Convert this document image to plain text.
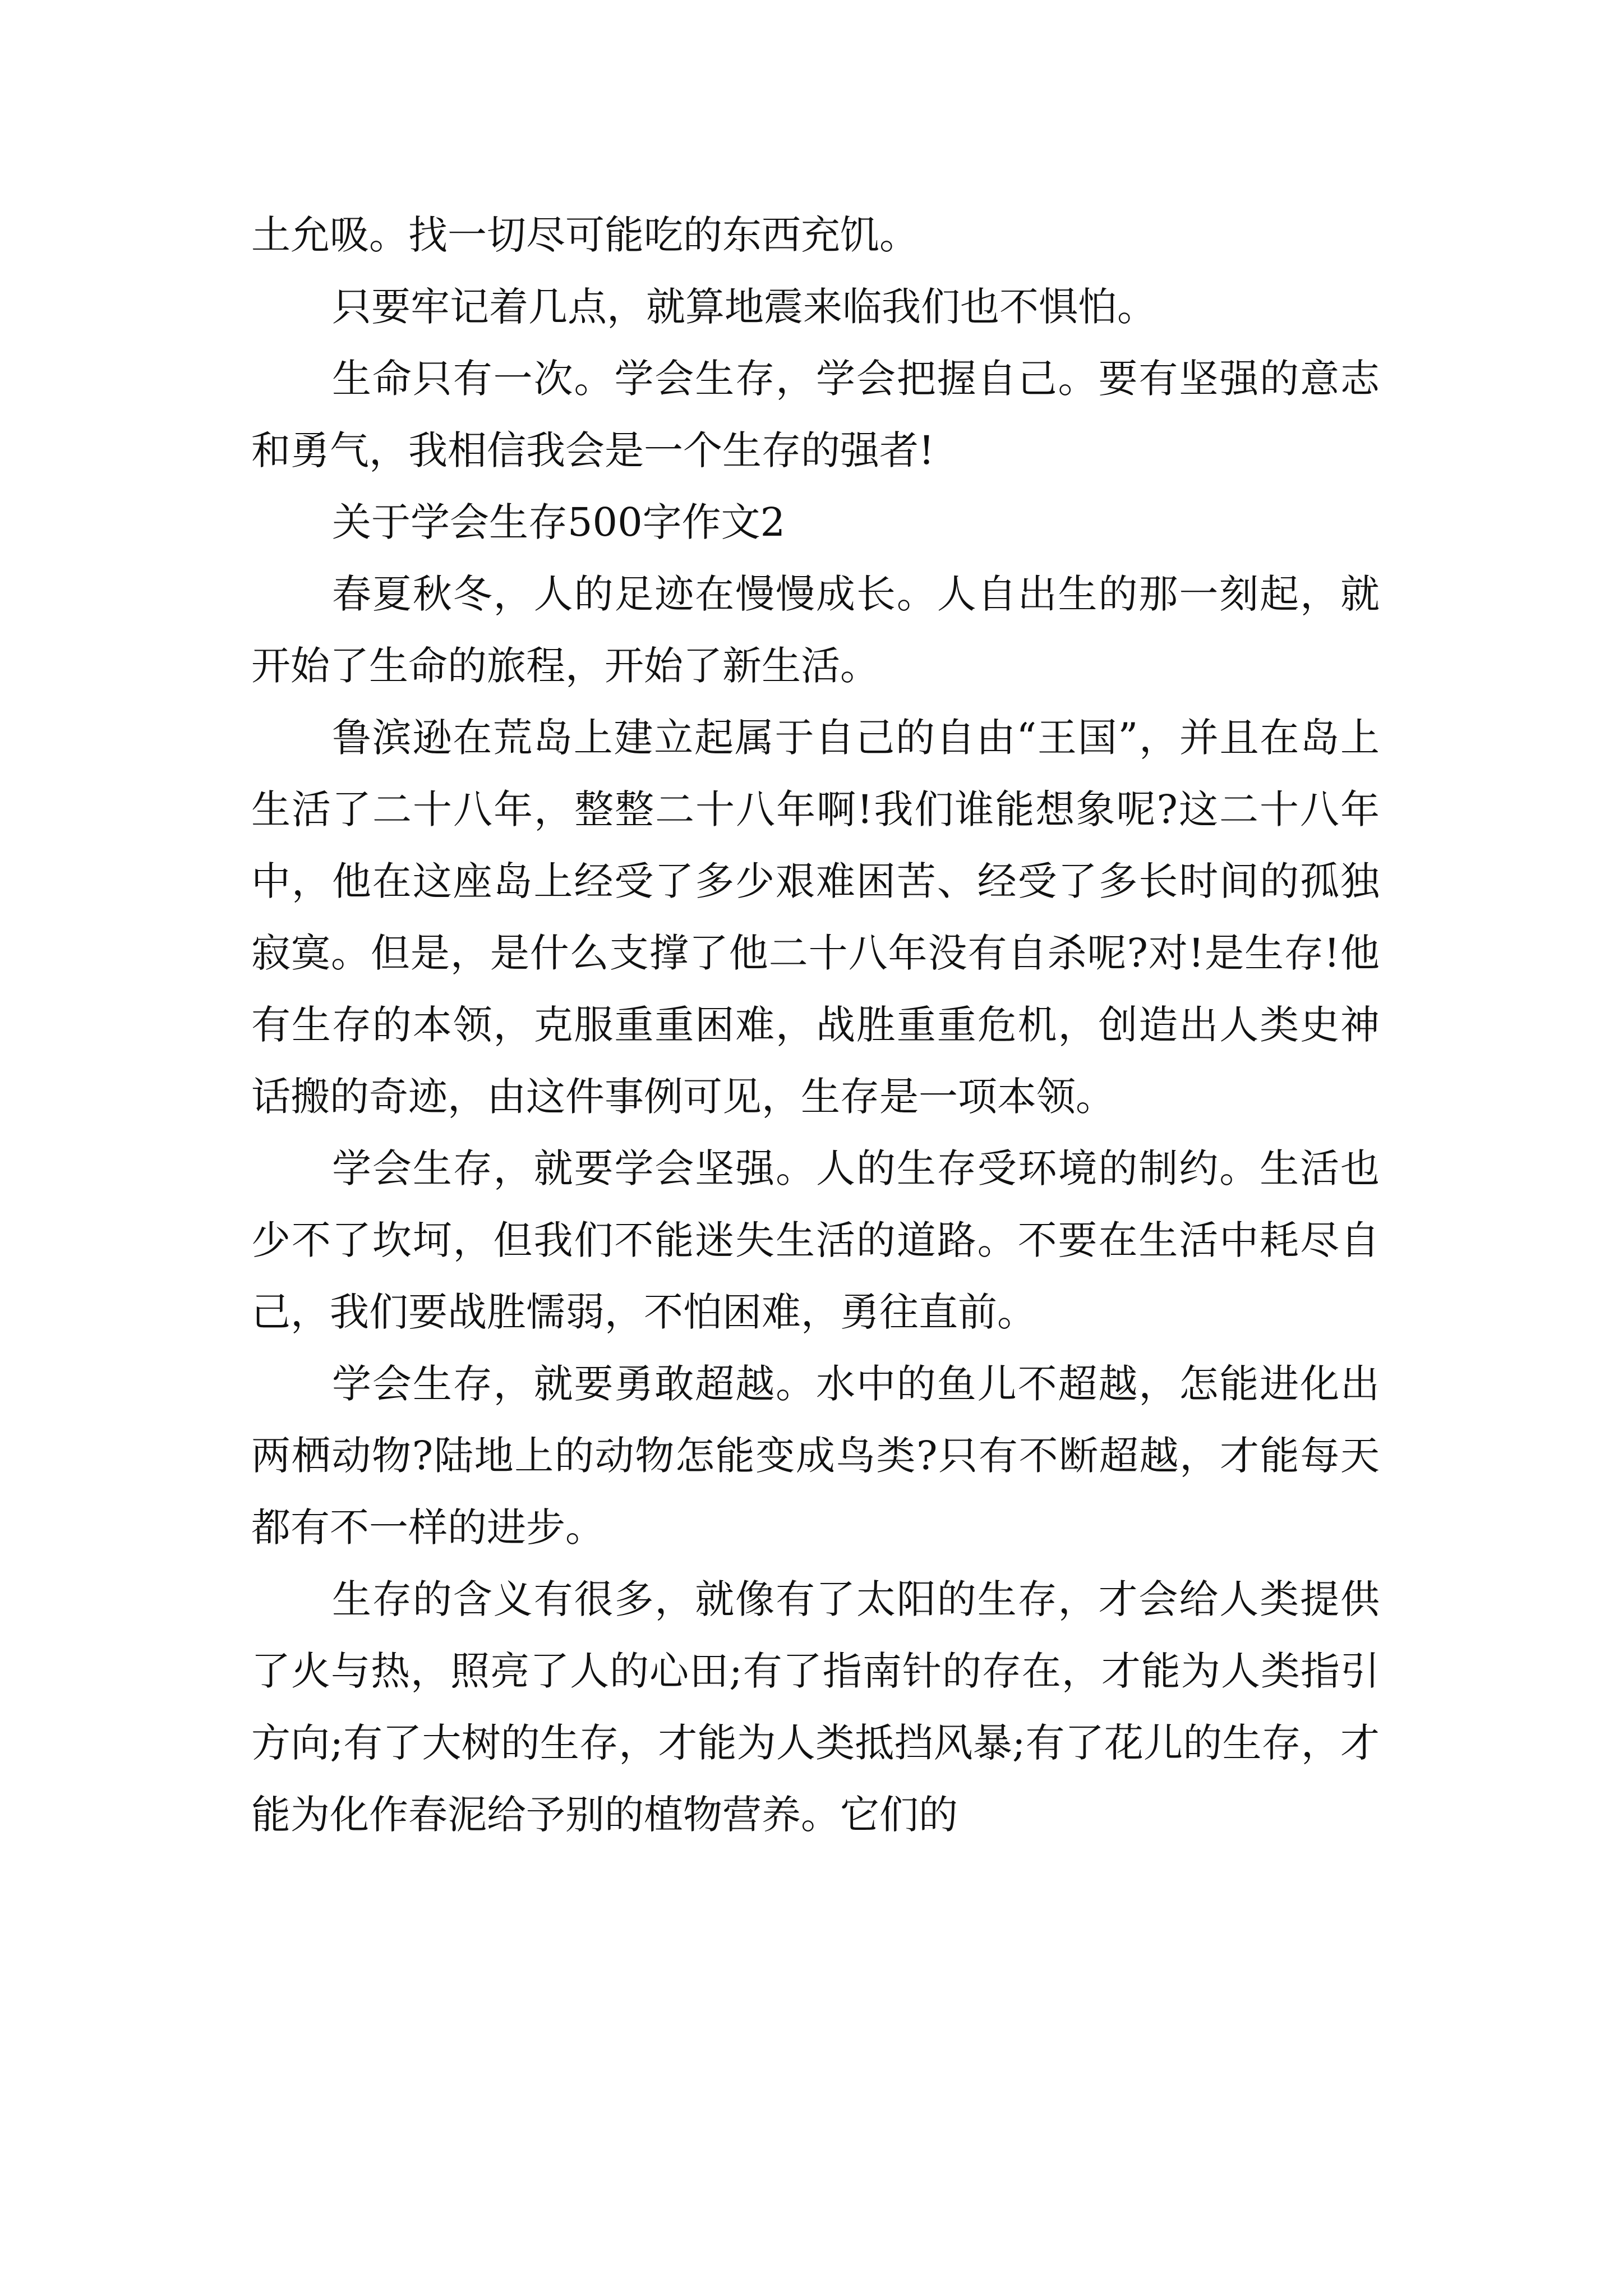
土允吸。找一切尽可能吃的东西充饥。

只要牢记着几点，就算地震来临我们也不惧怕。

生命只有一次。学会生存，学会把握自己。要有坚强的意志和勇气，我相信我会是一个生存的强者!

关于学会生存500字作文2

春夏秋冬，人的足迹在慢慢成长。人自出生的那一刻起，就开始了生命的旅程，开始了新生活。

鲁滨逊在荒岛上建立起属于自己的自由“王国”，并且在岛上生活了二十八年，整整二十八年啊!我们谁能想象呢?这二十八年中，他在这座岛上经受了多少艰难困苦、经受了多长时间的孤独寂寞。但是，是什么支撑了他二十八年没有自杀呢?对!是生存!他有生存的本领，克服重重困难，战胜重重危机，创造出人类史神话搬的奇迹，由这件事例可见，生存是一项本领。

学会生存，就要学会坚强。人的生存受环境的制约。生活也少不了坎坷，但我们不能迷失生活的道路。不要在生活中耗尽自己，我们要战胜懦弱，不怕困难，勇往直前。

学会生存，就要勇敢超越。水中的鱼儿不超越，怎能进化出两栖动物?陆地上的动物怎能变成鸟类?只有不断超越，才能每天都有不一样的进步。

生存的含义有很多，就像有了太阳的生存，才会给人类提供了火与热，照亮了人的心田;有了指南针的存在，才能为人类指引方向;有了大树的生存，才能为人类抵挡风暴;有了花儿的生存，才能为化作春泥给予别的植物营养。它们的
